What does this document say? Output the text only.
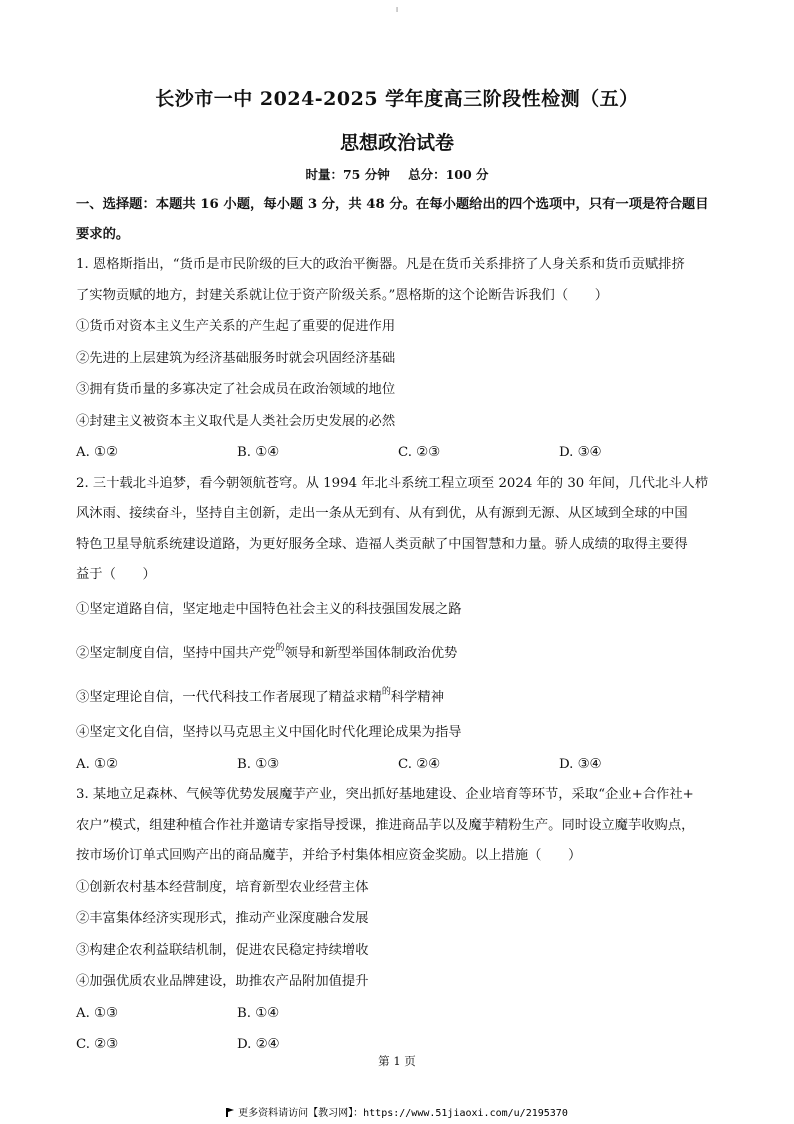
I
长沙市一中 2024-2025 学年度高三阶段性检测（五）
思想政治试卷
时量：75 分钟 总分：100 分

一、选择题：本题共 16 小题，每小题 3 分，共 48 分。在每小题给出的四个选项中，只有一项是符合题目

要求的。

1. 恩格斯指出，“货币是市民阶级的巨大的政治平衡器。凡是在货币关系排挤了人身关系和货币贡赋排挤

了实物贡赋的地方，封建关系就让位于资产阶级关系。”恩格斯的这个论断告诉我们（　　）

①货币对资本主义生产关系的产生起了重要的促进作用

②先进的上层建筑为经济基础服务时就会巩固经济基础

③拥有货币量的多寡决定了社会成员在政治领域的地位

④封建主义被资本主义取代是人类社会历史发展的必然

A. ①②	B. ①④	C. ②③	D. ③④

2. 三十载北斗追梦，看今朝领航苍穹。从 1994 年北斗系统工程立项至 2024 年的 30 年间，几代北斗人栉

风沐雨、接续奋斗，坚持自主创新，走出一条从无到有、从有到优，从有源到无源、从区域到全球的中国

特色卫星导航系统建设道路，为更好服务全球、造福人类贡献了中国智慧和力量。骄人成绩的取得主要得

益于（　　）

①坚定道路自信，坚定地走中国特色社会主义的科技强国发展之路

②坚定制度自信，坚持中国共产党$^的$领导和新型举国体制政治优势

③坚定理论自信，一代代科技工作者展现了精益求精$^的$科学精神

④坚定文化自信，坚持以马克思主义中国化时代化理论成果为指导

A. ①②	B. ①③	C. ②④	D. ③④

3. 某地立足森林、气候等优势发展魔芋产业，突出抓好基地建设、企业培育等环节，采取“企业+合作社+

农户”模式，组建种植合作社并邀请专家指导授课，推进商品芋以及魔芋精粉生产。同时设立魔芋收购点，

按市场价订单式回购产出的商品魔芋，并给予村集体相应资金奖励。以上措施（　　）

①创新农村基本经营制度，培育新型农业经营主体

②丰富集体经济实现形式，推动产业深度融合发展

③构建企农利益联结机制，促进农民稳定持续增收

④加强优质农业品牌建设，助推农产品附加值提升

A. ①③	B. ①④
C. ②③	D. ②④
第 1 页
更多资料请访问【教习网】：https://www.51jiaoxi.com/u/2195370
